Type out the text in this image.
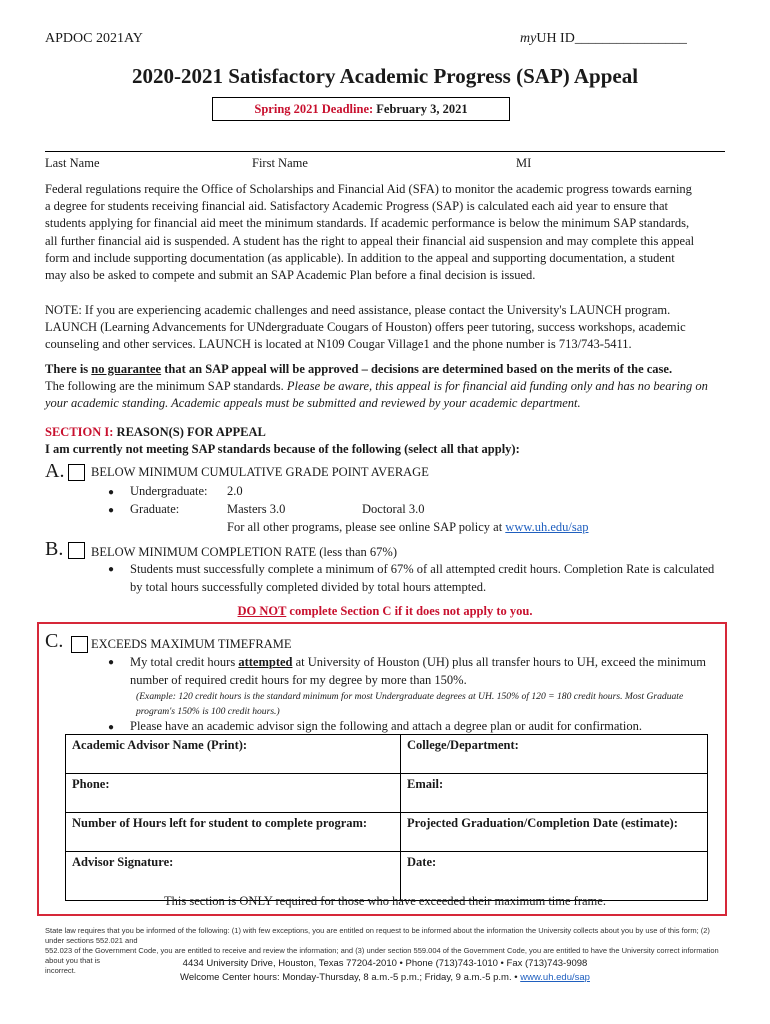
APDOC 2021AY	myUH ID________________
2020-2021 Satisfactory Academic Progress (SAP) Appeal
Spring 2021 Deadline: February 3, 2021
Last Name	First Name	MI

Federal regulations require the Office of Scholarships and Financial Aid (SFA) to monitor the academic progress towards earning

a degree for students receiving financial aid. Satisfactory Academic Progress (SAP) is calculated each aid year to ensure that

students applying for financial aid meet the minimum standards. If academic performance is below the minimum SAP standards,

all further financial aid is suspended. A student has the right to appeal their financial aid suspension and may complete this appeal

form and include supporting documentation (as applicable). In addition to the appeal and supporting documentation, a student

may also be asked to compete and submit an SAP Academic Plan before a final decision is issued.

NOTE: If you are experiencing academic challenges and need assistance, please contact the University's LAUNCH program.

LAUNCH (Learning Advancements for UNdergraduate Cougars of Houston) offers peer tutoring, success workshops, academic

counseling and other services. LAUNCH is located at N109 Cougar Village1 and the phone number is 713/743-5411.

There is no guarantee that an SAP appeal will be approved – decisions are determined based on the merits of the case.

The following are the minimum SAP standards. Please be aware, this appeal is for financial aid funding only and has no bearing on

your academic standing. Academic appeals must be submitted and reviewed by your academic department.

SECTION I: REASON(S) FOR APPEAL

I am currently not meeting SAP standards because of the following (select all that apply):

A. BELOW MINIMUM CUMULATIVE GRADE POINT AVERAGE
● Undergraduate: 2.0
● Graduate:	Masters 3.0	Doctoral 3.0
For all other programs, please see online SAP policy at www.uh.edu/sap
B. BELOW MINIMUM COMPLETION RATE (less than 67%)
● Students must successfully complete a minimum of 67% of all attempted credit hours. Completion Rate is calculated
by total hours successfully completed divided by total hours attempted.
DO NOT complete Section C if it does not apply to you.
C. EXCEEDS MAXIMUM TIMEFRAME
● My total credit hours attempted at University of Houston (UH) plus all transfer hours to UH, exceed the minimum
number of required credit hours for my degree by more than 150%.
(Example: 120 credit hours is the standard minimum for most Undergraduate degrees at UH. 150% of 120 = 180 credit hours. Most Graduate
program's 150% is 100 credit hours.)
● Please have an academic advisor sign the following and attach a degree plan or audit for confirmation.
Academic Advisor Name (Print):	College/Department:
Phone:	Email:
Number of Hours left for student to complete program:	Projected Graduation/Completion Date (estimate):
Advisor Signature:	Date:
This section is ONLY required for those who have exceeded their maximum time frame.
State law requires that you be informed of the following: (1) with few exceptions, you are entitled on request to be informed about the information the University collects about you by use of this form; (2) under sections 552.021 and
552.023 of the Government Code, you are entitled to receive and review the information; and (3) under section 559.004 of the Government Code, you are entitled to have the University correct information about you that is
incorrect.
4434 University Drive, Houston, Texas 77204-2010 • Phone (713)743-1010 • Fax (713)743-9098
Welcome Center hours: Monday-Thursday, 8 a.m.-5 p.m.; Friday, 9 a.m.-5 p.m. • www.uh.edu/sap
